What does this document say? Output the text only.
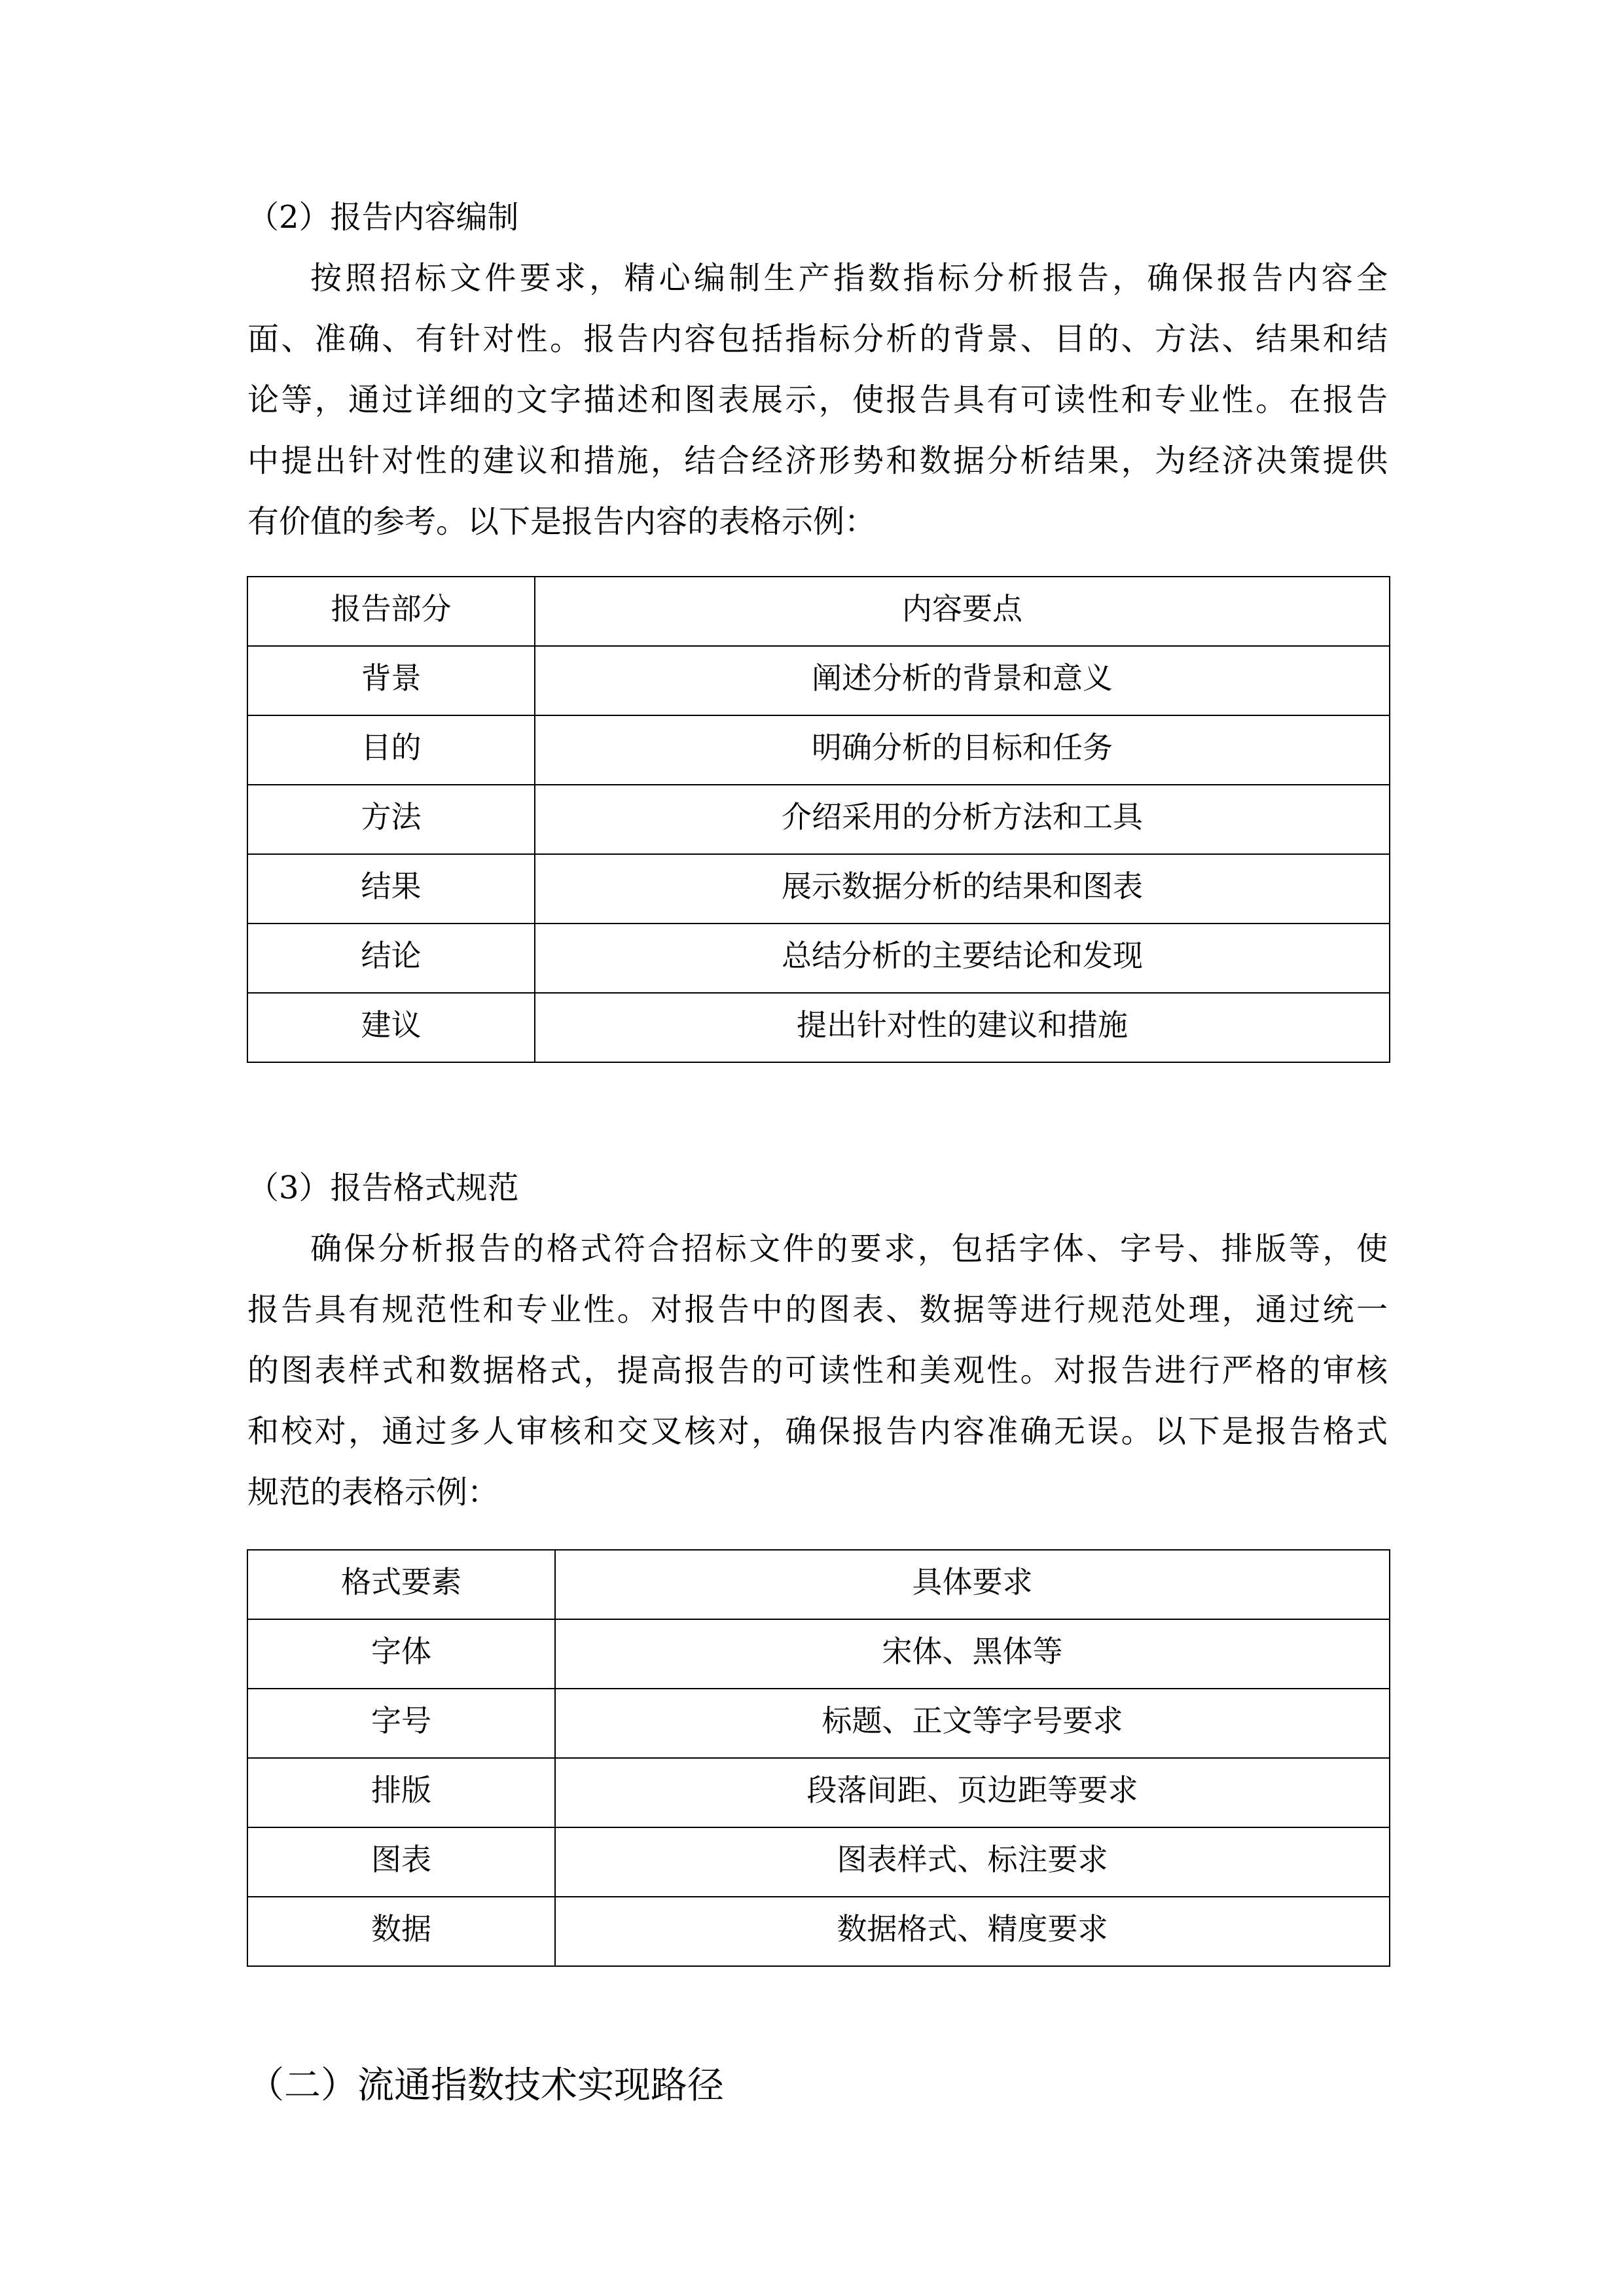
（2）报告内容编制
按照招标文件要求，精心编制生产指数指标分析报告，确保报告内容全
面、准确、有针对性。报告内容包括指标分析的背景、目的、方法、结果和结
论等，通过详细的文字描述和图表展示，使报告具有可读性和专业性。在报告
中提出针对性的建议和措施，结合经济形势和数据分析结果，为经济决策提供
有价值的参考。以下是报告内容的表格示例：
报告部分	内容要点
背景	阐述分析的背景和意义
目的	明确分析的目标和任务
方法	介绍采用的分析方法和工具
结果	展示数据分析的结果和图表
结论	总结分析的主要结论和发现
建议	提出针对性的建议和措施
（3）报告格式规范
确保分析报告的格式符合招标文件的要求，包括字体、字号、排版等，使
报告具有规范性和专业性。对报告中的图表、数据等进行规范处理，通过统一
的图表样式和数据格式，提高报告的可读性和美观性。对报告进行严格的审核
和校对，通过多人审核和交叉核对，确保报告内容准确无误。以下是报告格式
规范的表格示例：
格式要素	具体要求
字体	宋体、黑体等
字号	标题、正文等字号要求
排版	段落间距、页边距等要求
图表	图表样式、标注要求
数据	数据格式、精度要求
（二）流通指数技术实现路径
